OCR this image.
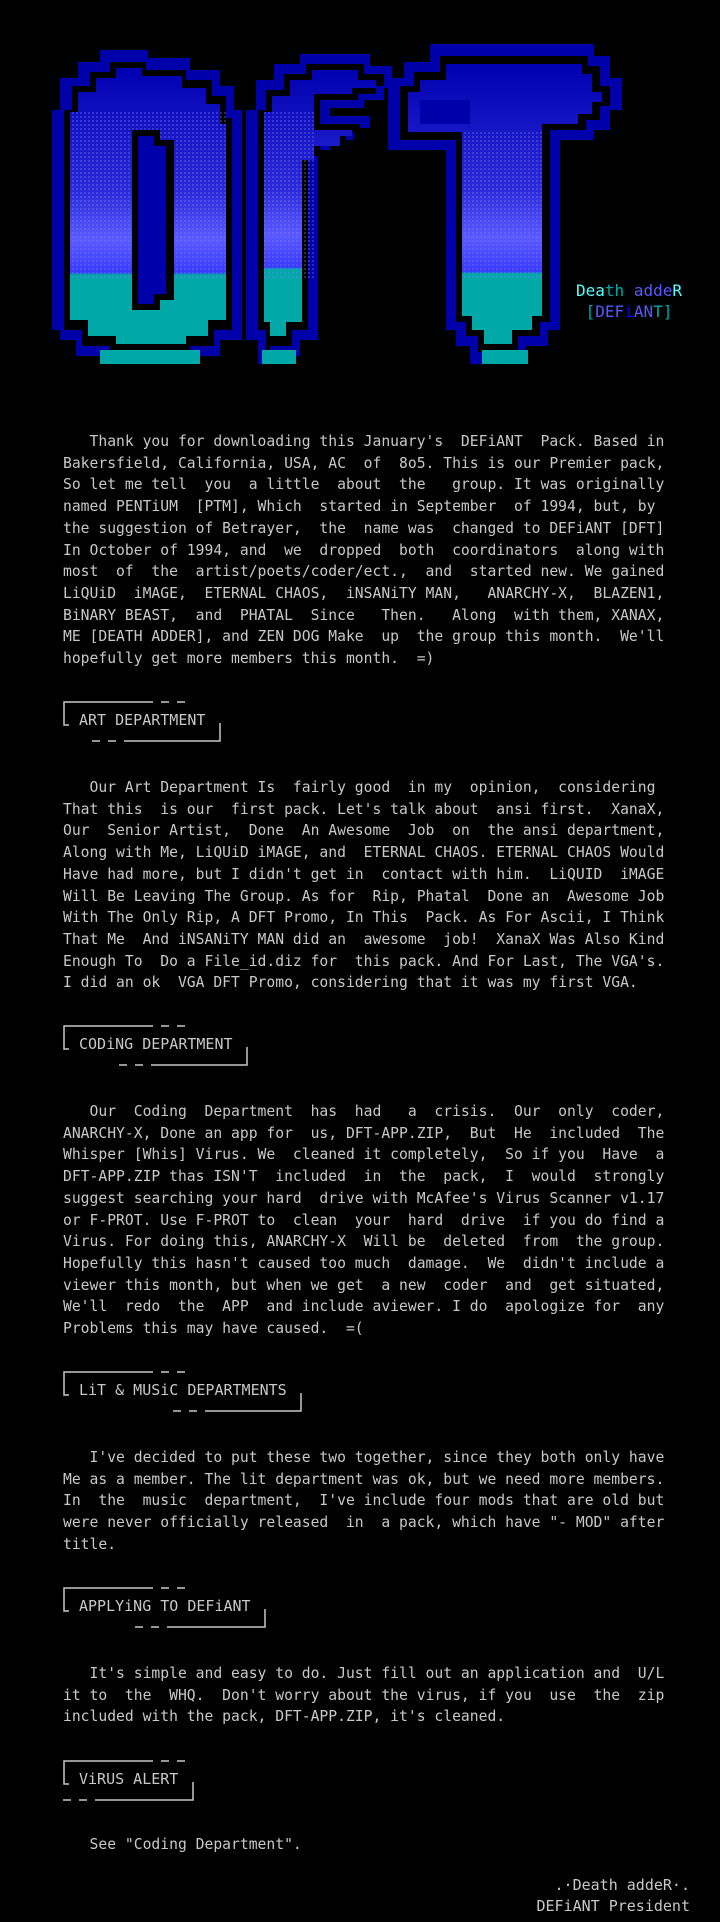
Death addeR
[DEFiANT]
Thank you for downloading this January's  DEFiANT  Pack. Based in
Bakersfield, California, USA, AC  of  8o5. This is our Premier pack,
So let me tell  you  a little  about  the   group. It was originally
named PENTiUM  [PTM], Which  started in September  of 1994, but, by
the suggestion of Betrayer,  the  name was  changed to DEFiANT [DFT]
In October of 1994, and  we  dropped  both  coordinators  along with
most  of  the  artist/poets/coder/ect.,  and  started new. We gained
LiQUiD  iMAGE,  ETERNAL CHAOS,  iNSANiTY MAN,   ANARCHY-X,  BLAZEN1,
BiNARY BEAST,  and  PHATAL  Since   Then.   Along  with them, XANAX,
ME [DEATH ADDER], and ZEN DOG Make  up  the group this month.  We'll
hopefully get more members this month.  =)
ART DEPARTMENT
Our Art Department Is  fairly good  in my  opinion,  considering
That this  is our  first pack. Let's talk about  ansi first.  XanaX,
Our  Senior Artist,  Done  An Awesome  Job  on  the ansi department,
Along with Me, LiQUiD iMAGE, and  ETERNAL CHAOS. ETERNAL CHAOS Would
Have had more, but I didn't get in  contact with him.  LiQUID  iMAGE
Will Be Leaving The Group. As for  Rip, Phatal  Done an  Awesome Job
With The Only Rip, A DFT Promo, In This  Pack. As For Ascii, I Think
That Me  And iNSANiTY MAN did an  awesome  job!  XanaX Was Also Kind
Enough To  Do a File_id.diz for  this pack. And For Last, The VGA's.
I did an ok  VGA DFT Promo, considering that it was my first VGA.
CODiNG DEPARTMENT
Our  Coding  Department  has  had   a  crisis.  Our  only  coder,
ANARCHY-X, Done an app for  us, DFT-APP.ZIP,  But  He  included  The
Whisper [Whis] Virus. We  cleaned it completely,  So if you  Have  a
DFT-APP.ZIP thas ISN'T  included  in  the  pack,  I  would  strongly
suggest searching your hard  drive with McAfee's Virus Scanner v1.17
or F-PROT. Use F-PROT to  clean  your  hard  drive  if you do find a
Virus. For doing this, ANARCHY-X  Will be  deleted  from  the group.
Hopefully this hasn't caused too much  damage.  We  didn't include a
viewer this month, but when we get  a new  coder  and  get situated,
We'll  redo  the  APP  and include aviewer. I do  apologize for  any
Problems this may have caused.  =(
LiT & MUSiC DEPARTMENTS
I've decided to put these two together, since they both only have
Me as a member. The lit department was ok, but we need more members.
In  the  music  department,  I've include four mods that are old but
were never officially released  in  a pack, which have "- MOD" after
title.
APPLYiNG TO DEFiANT
It's simple and easy to do. Just fill out an application and  U/L
it to  the  WHQ.  Don't worry about the virus, if you  use  the  zip
included with the pack, DFT-APP.ZIP, it's cleaned.
ViRUS ALERT
See "Coding Department".
.·Death addeR·.
DEFiANT President
